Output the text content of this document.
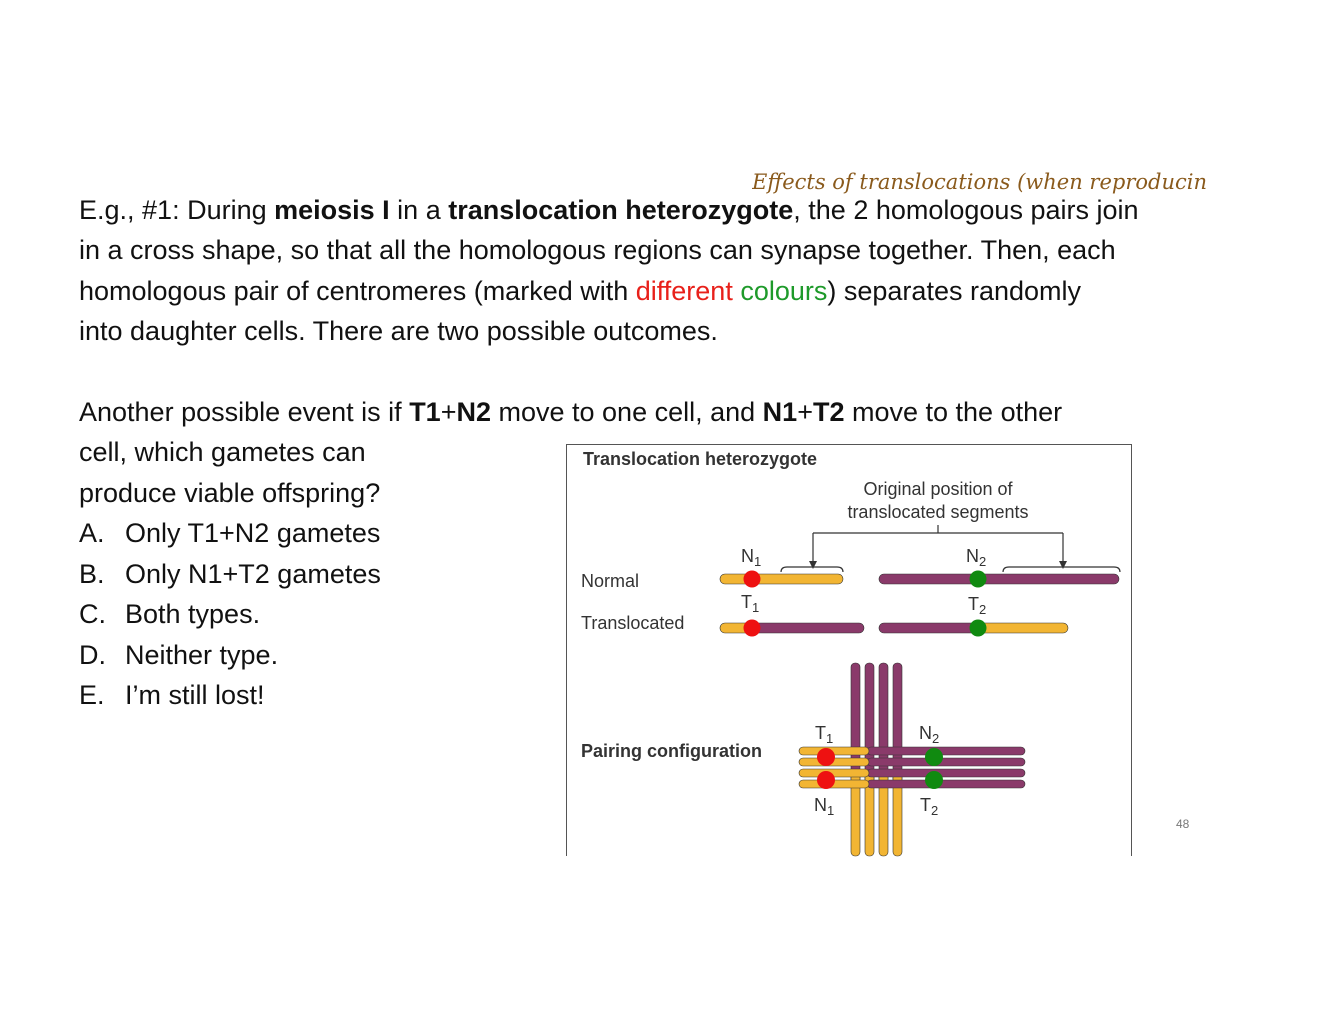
Effects of translocations (when reproducin
E.g., #1: During meiosis I in a translocation heterozygote, the 2 homologous pairs join
in a cross shape, so that all the homologous regions can synapse together. Then, each
homologous pair of centromeres (marked with different colours) separates randomly
into daughter cells. There are two possible outcomes.
Another possible event is if T1+N2 move to one cell, and N1+T2 move to the other
cell, which gametes can
produce viable offspring?
A. Only T1+N2 gametes
B. Only N1+T2 gametes
C. Both types.
D. Neither type.
E. I’m still lost!
48
Translocation heterozygote
Original position of
translocated segments
Normal
Translocated
$N_1$	$N_2$
$T_1$	$T_2$
Pairing configuration
$T_1$	$N_2$
$N_1$	$T_2$
